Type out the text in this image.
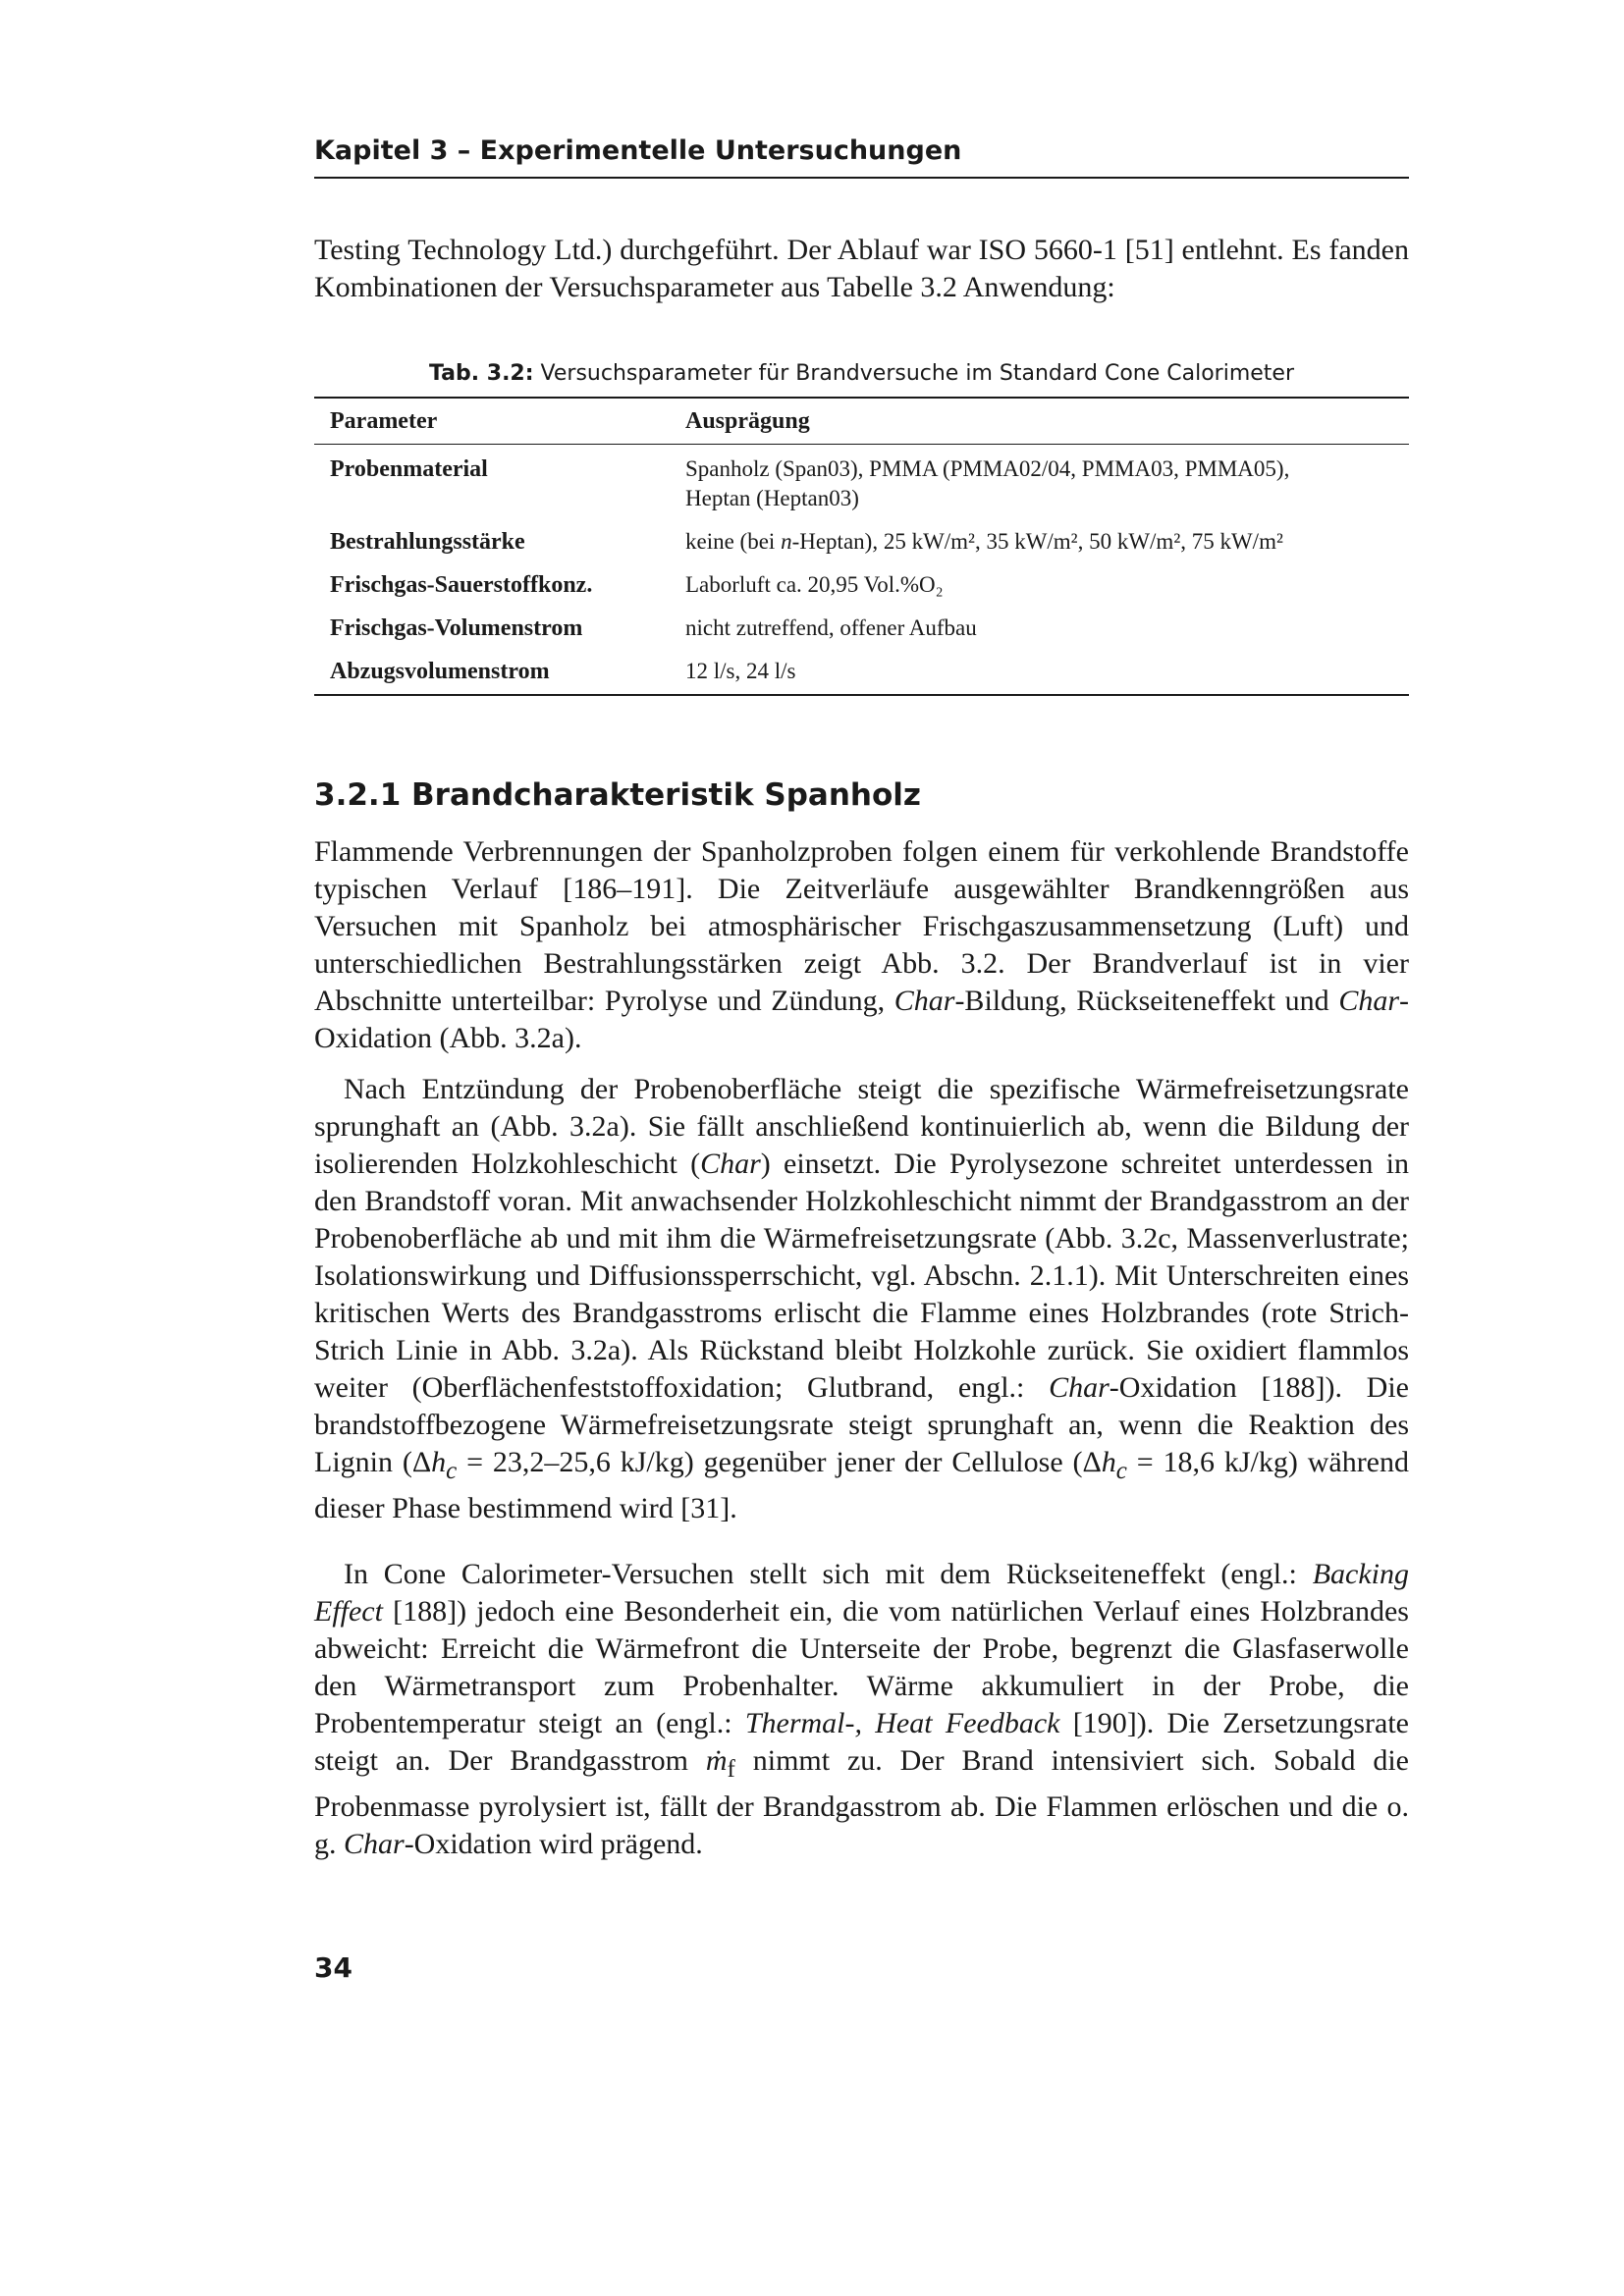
Kapitel 3 – Experimentelle Untersuchungen

Testing Technology Ltd.) durchgeführt. Der Ablauf war ISO 5660-1 [51] entlehnt. Es fanden Kombinationen der Versuchsparameter aus Tabelle 3.2 Anwendung:

Tab. 3.2: Versuchsparameter für Brandversuche im Standard Cone Calorimeter
Parameter	Ausprägung
Probenmaterial	Spanholz (Span03), PMMA (PMMA02/04, PMMA03, PMMA05),
Heptan (Heptan03)
Bestrahlungsstärke	keine (bei n-Heptan), 25 kW/m², 35 kW/m², 50 kW/m², 75 kW/m²
Frischgas-Sauerstoffkonz.	Laborluft ca. 20,95 Vol.%O₂
Frischgas-Volumenstrom	nicht zutreffend, offener Aufbau
Abzugsvolumenstrom	12 l/s, 24 l/s
3.2.1 Brandcharakteristik Spanholz

Flammende Verbrennungen der Spanholzproben folgen einem für verkohlende Brandstoffe typischen Verlauf [186–191]. Die Zeitverläufe ausgewählter Brandkenngrößen aus Versuchen mit Spanholz bei atmosphärischer Frischgaszusammensetzung (Luft) und unterschiedlichen Bestrahlungsstärken zeigt Abb. 3.2. Der Brandverlauf ist in vier Abschnitte unterteilbar: Pyrolyse und Zündung, Char-Bildung, Rückseiteneffekt und Char-Oxidation (Abb. 3.2a).

Nach Entzündung der Probenoberfläche steigt die spezifische Wärmefreisetzungsrate sprunghaft an (Abb. 3.2a). Sie fällt anschließend kontinuierlich ab, wenn die Bildung der isolierenden Holzkohleschicht (Char) einsetzt. Die Pyrolysezone schreitet unterdessen in den Brandstoff voran. Mit anwachsender Holzkohleschicht nimmt der Brandgasstrom an der Probenoberfläche ab und mit ihm die Wärmefreisetzungsrate (Abb. 3.2c, Massenverlustrate; Isolationswirkung und Diffusionssperrschicht, vgl. Abschn. 2.1.1). Mit Unterschreiten eines kritischen Werts des Brandgasstroms erlischt die Flamme eines Holzbrandes (rote Strich-Strich Linie in Abb. 3.2a). Als Rückstand bleibt Holzkohle zurück. Sie oxidiert flammlos weiter (Oberflächenfeststoffoxidation; Glutbrand, engl.: Char-Oxidation [188]). Die brandstoffbezogene Wärmefreisetzungsrate steigt sprunghaft an, wenn die Reaktion des Lignin ($\Delta h_c = 23,2-25,6$ kJ/kg) gegenüber jener der Cellulose ($\Delta h_c = 18,6$ kJ/kg) während dieser Phase bestimmend wird [31].

In Cone Calorimeter-Versuchen stellt sich mit dem Rückseiteneffekt (engl.: Backing Effect [188]) jedoch eine Besonderheit ein, die vom natürlichen Verlauf eines Holzbrandes abweicht: Erreicht die Wärmefront die Unterseite der Probe, begrenzt die Glasfaserwolle den Wärmetransport zum Probenhalter. Wärme akkumuliert in der Probe, die Probentemperatur steigt an (engl.: Thermal-, Heat Feedback [190]). Die Zersetzungsrate steigt an. Der Brandgasstrom ṁ$_f$ nimmt zu. Der Brand intensiviert sich. Sobald die Probenmasse pyrolysiert ist, fällt der Brandgasstrom ab. Die Flammen erlöschen und die o. g. Char-Oxidation wird prägend.

34
